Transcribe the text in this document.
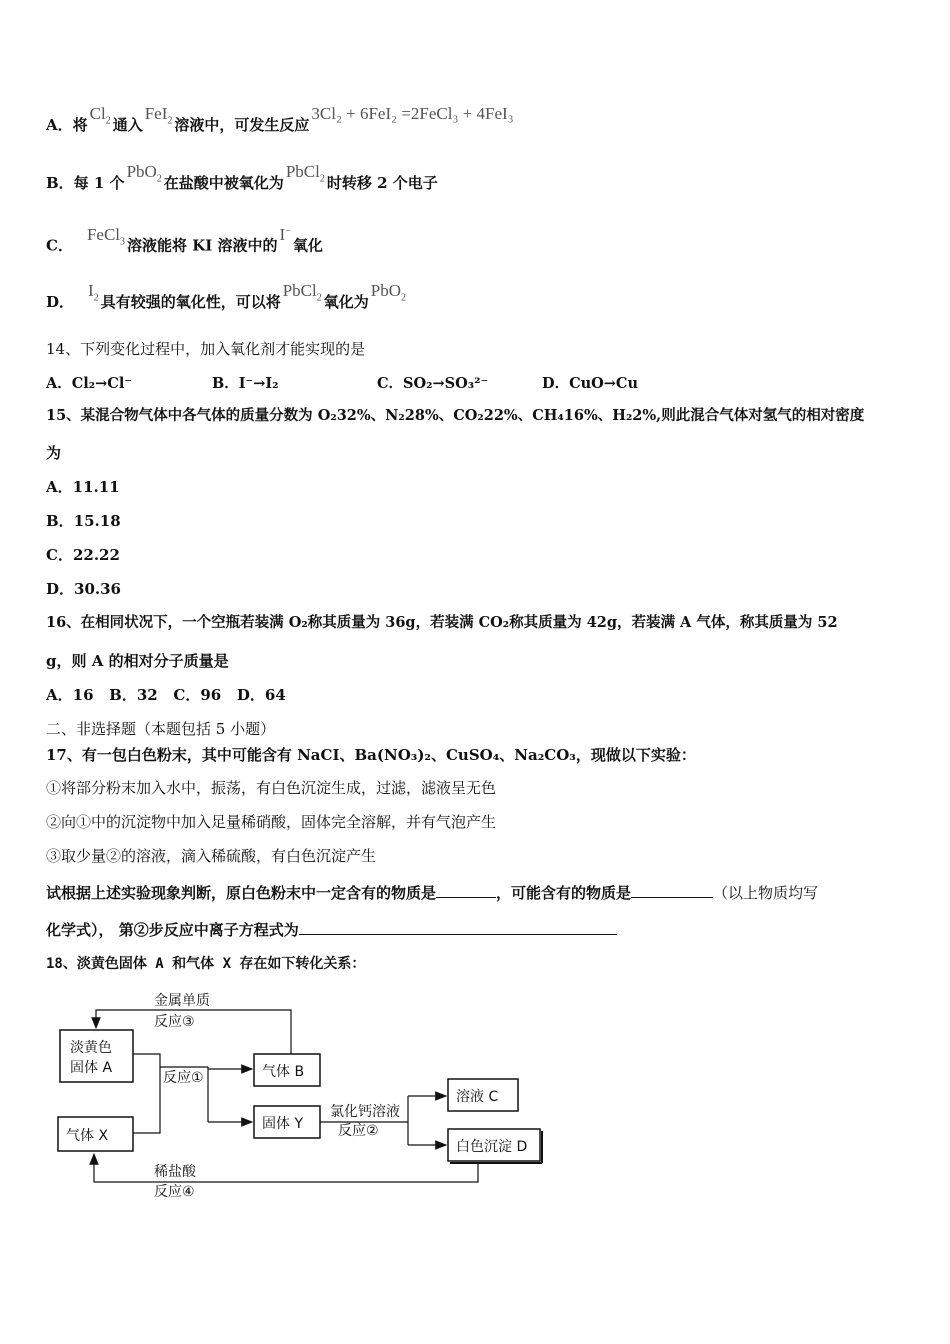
A．将$Cl_2$ 通入FeI$_2$ 溶液中，可发生反应3Cl₂ + 6FeI₂ =2FeCl₃ + 4FeI₃
B．每 1 个PbO$_2$ 在盐酸中被氧化为PbCl$_2$ 时转移 2 个电子
C．FeCl$_3$ 溶液能将 KI 溶液中的I−氧化
D．$I_2$ 具有较强的氧化性，可以将PbCl$_2$ 氧化为PbO$_2$
14、下列变化过程中，加入氧化剂才能实现的是
A．Cl₂→Cl⁻	B．I⁻→I₂	C．SO₂→SO₃²⁻	D．CuO→Cu
15、某混合物气体中各气体的质量分数为 O₂32%、N₂28%、CO₂22%、CH₄16%、H₂2%,则此混合气体对氢气的相对密度
为
A．11.11
B．15.18
C．22.22
D．30.36
16、在相同状况下，一个空瓶若装满 O₂称其质量为 36g，若装满 CO₂称其质量为 42g，若装满 A 气体，称其质量为 52
g，则 A 的相对分子质量是
A．16   B．32   C．96   D．64
二、非选择题（本题包括 5 小题）
17、有一包白色粉末，其中可能含有 NaCI、Ba(NO₃)₂、CuSO₄、Na₂CO₃，现做以下实验：
①将部分粉末加入水中，振荡，有白色沉淀生成，过滤，滤液呈无色
②向①中的沉淀物中加入足量稀硝酸，固体完全溶解，并有气泡产生
③取少量②的溶液，滴入稀硫酸，有白色沉淀产生
试根据上述实验现象判断，原白色粉末中一定含有的物质是	，可能含有的物质是	（以上物质均写
化学式）， 第②步反应中离子方程式为
18、淡黄色固体 A 和气体 X 存在如下转化关系：
淡黄色
固体 A
气体 X
气体 B
固体 Y
溶液 C
白色沉淀 D
金属单质
反应③
反应①
氯化钙溶液
反应②
稀盐酸
反应④
